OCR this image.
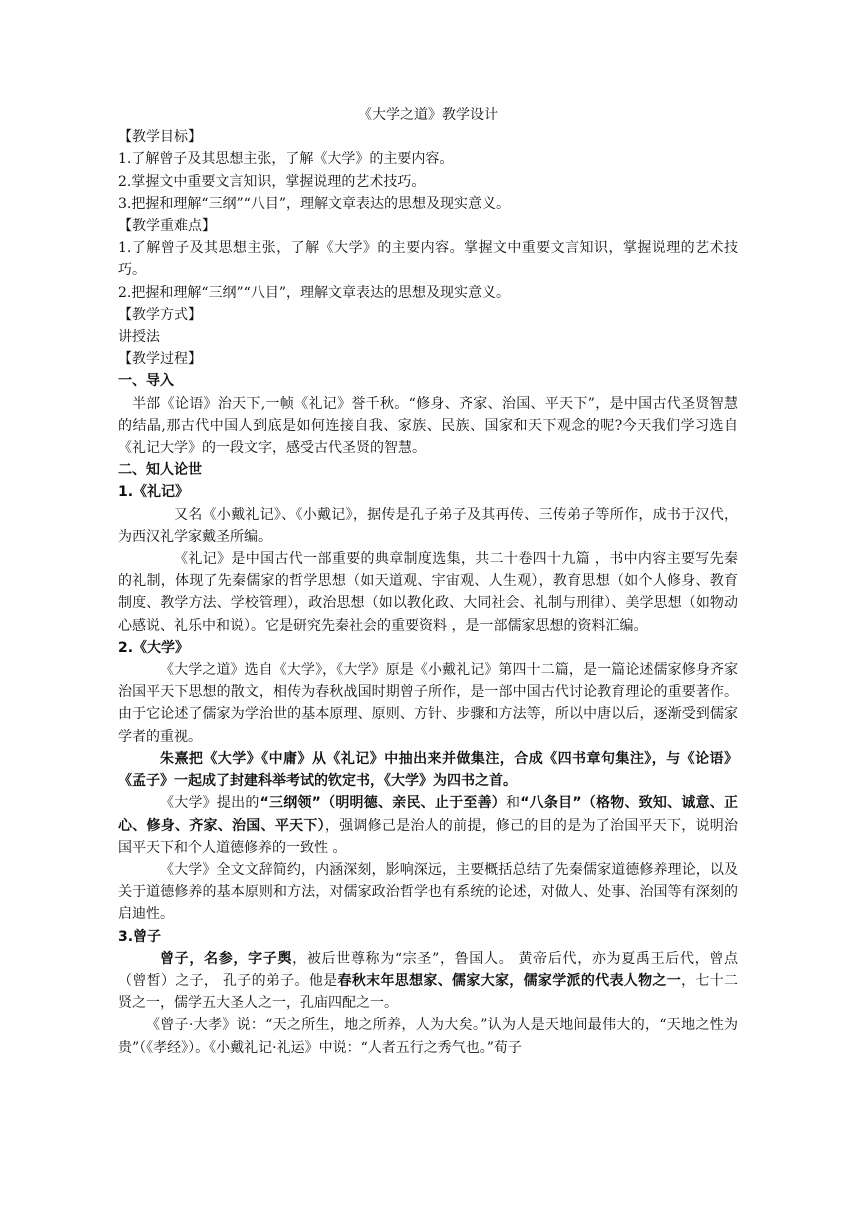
《大学之道》教学设计

【教学目标】

1.了解曾子及其思想主张，了解《大学》的主要内容。

2.掌握文中重要文言知识，掌握说理的艺术技巧。

3.把握和理解“三纲”“八目”，理解文章表达的思想及现实意义。

【教学重难点】

1.了解曾子及其思想主张，了解《大学》的主要内容。掌握文中重要文言知识，掌握说理的艺术技巧。

2.把握和理解“三纲”“八目”，理解文章表达的思想及现实意义。

【教学方式】

讲授法

【教学过程】

一、导入

半部《论语》治天下,一帧《礼记》誉千秋。“修身、齐家、治国、平天下”，是中国古代圣贤智慧的结晶,那古代中国人到底是如何连接自我、家族、民族、国家和天下观念的呢?今天我们学习选自《礼记大学》的一段文字，感受古代圣贤的智慧。

二、知人论世

1.《礼记》

又名《小戴礼记》、《小戴记》，据传是孔子弟子及其再传、三传弟子等所作，成书于汉代，为西汉礼学家戴圣所编。

《礼记》是中国古代一部重要的典章制度选集，共二十卷四十九篇 ，书中内容主要写先秦的礼制，体现了先秦儒家的哲学思想（如天道观、宇宙观、人生观），教育思想（如个人修身、教育制度、教学方法、学校管理），政治思想（如以教化政、大同社会、礼制与刑律）、美学思想（如物动心感说、礼乐中和说）。它是研究先秦社会的重要资料 ，是一部儒家思想的资料汇编。

2.《大学》

《大学之道》选自《大学》，《大学》原是《小戴礼记》第四十二篇，是一篇论述儒家修身齐家治国平天下思想的散文，相传为春秋战国时期曾子所作，是一部中国古代讨论教育理论的重要著作。由于它论述了儒家为学治世的基本原理、原则、方针、步骤和方法等，所以中唐以后，逐渐受到儒家学者的重视。

朱熹把《大学》《中庸》从《礼记》中抽出来并做集注，合成《四书章句集注》，与《论语》《孟子》一起成了封建科举考试的钦定书，《大学》为四书之首。

《大学》提出的“三纲领”（明明德、亲民、止于至善）和“八条目”（格物、致知、诚意、正心、修身、齐家、治国、平天下），强调修己是治人的前提，修己的目的是为了治国平天下，说明治国平天下和个人道德修养的一致性 。

《大学》全文文辞简约，内涵深刻，影响深远，主要概括总结了先秦儒家道德修养理论，以及关于道德修养的基本原则和方法，对儒家政治哲学也有系统的论述，对做人、处事、治国等有深刻的启迪性。

3.曾子

曾子，名参，字子舆，被后世尊称为“宗圣”，鲁国人。 黄帝后代，亦为夏禹王后代，曾点（曾皙）之子， 孔子的弟子。他是春秋末年思想家、儒家大家，儒家学派的代表人物之一，七十二贤之一，儒学五大圣人之一，孔庙四配之一。

《曾子·大孝》说：“天之所生，地之所养，人为大矣。”认为人是天地间最伟大的，“天地之性为贵”（《孝经》）。《小戴礼记·礼运》中说：“人者五行之秀气也。”荀子
